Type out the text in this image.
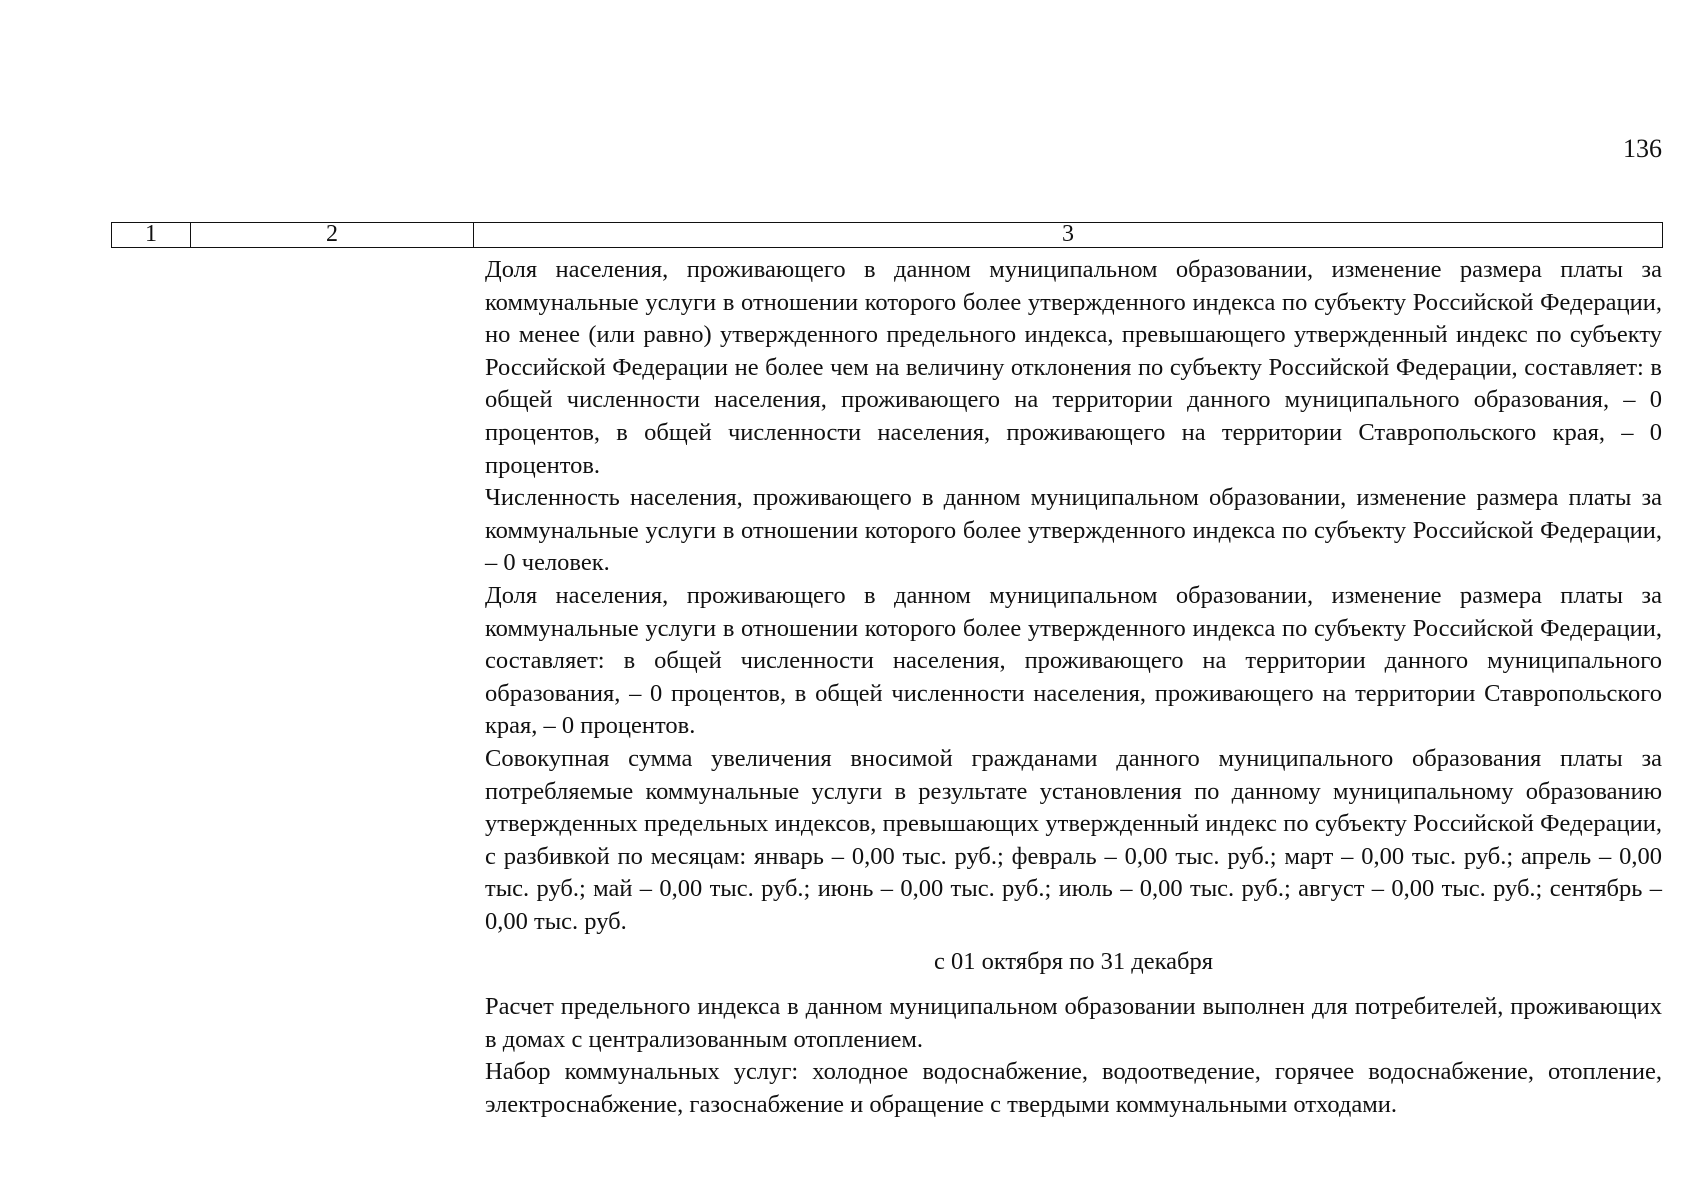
136
1	2	3

Доля населения, проживающего в данном муниципальном образовании, изменение размера платы за коммунальные услуги в отношении которого более утвержденного индекса по субъекту Российской Федерации, но менее (или равно) утвержденного предельного индекса, превышающего утвержденный индекс по субъекту Российской Федерации не более чем на величину отклонения по субъекту Российской Федерации, составляет: в общей численности населения, проживающего на территории данного муниципального образования, – 0 процентов, в общей численности населения, проживающего на территории Ставропольского края, – 0 процентов.

Численность населения, проживающего в данном муниципальном образовании, изменение размера платы за коммунальные услуги в отношении которого более утвержденного индекса по субъекту Российской Федерации, – 0 человек.

Доля населения, проживающего в данном муниципальном образовании, изменение размера платы за коммунальные услуги в отношении которого более утвержденного индекса по субъекту Российской Федерации, составляет: в общей численности населения, проживающего на территории данного муниципального образования, – 0 процентов, в общей численности населения, проживающего на территории Ставропольского края, – 0 процентов.

Совокупная сумма увеличения вносимой гражданами данного муниципального образования платы за потребляемые коммунальные услуги в результате установления по данному муниципальному образованию утвержденных предельных индексов, превышающих утвержденный индекс по субъекту Российской Федерации, с разбивкой по месяцам: январь – 0,00 тыс. руб.; февраль – 0,00 тыс. руб.; март – 0,00 тыс. руб.; апрель – 0,00 тыс. руб.; май – 0,00 тыс. руб.; июнь – 0,00 тыс. руб.; июль – 0,00 тыс. руб.; август – 0,00 тыс. руб.; сентябрь – 0,00 тыс. руб.

с 01 октября по 31 декабря

Расчет предельного индекса в данном муниципальном образовании выполнен для потребителей, проживающих в домах с централизованным отоплением.

Набор коммунальных услуг: холодное водоснабжение, водоотведение, горячее водоснабжение, отопление, электроснабжение, газоснабжение и обращение с твердыми коммунальными отходами.
